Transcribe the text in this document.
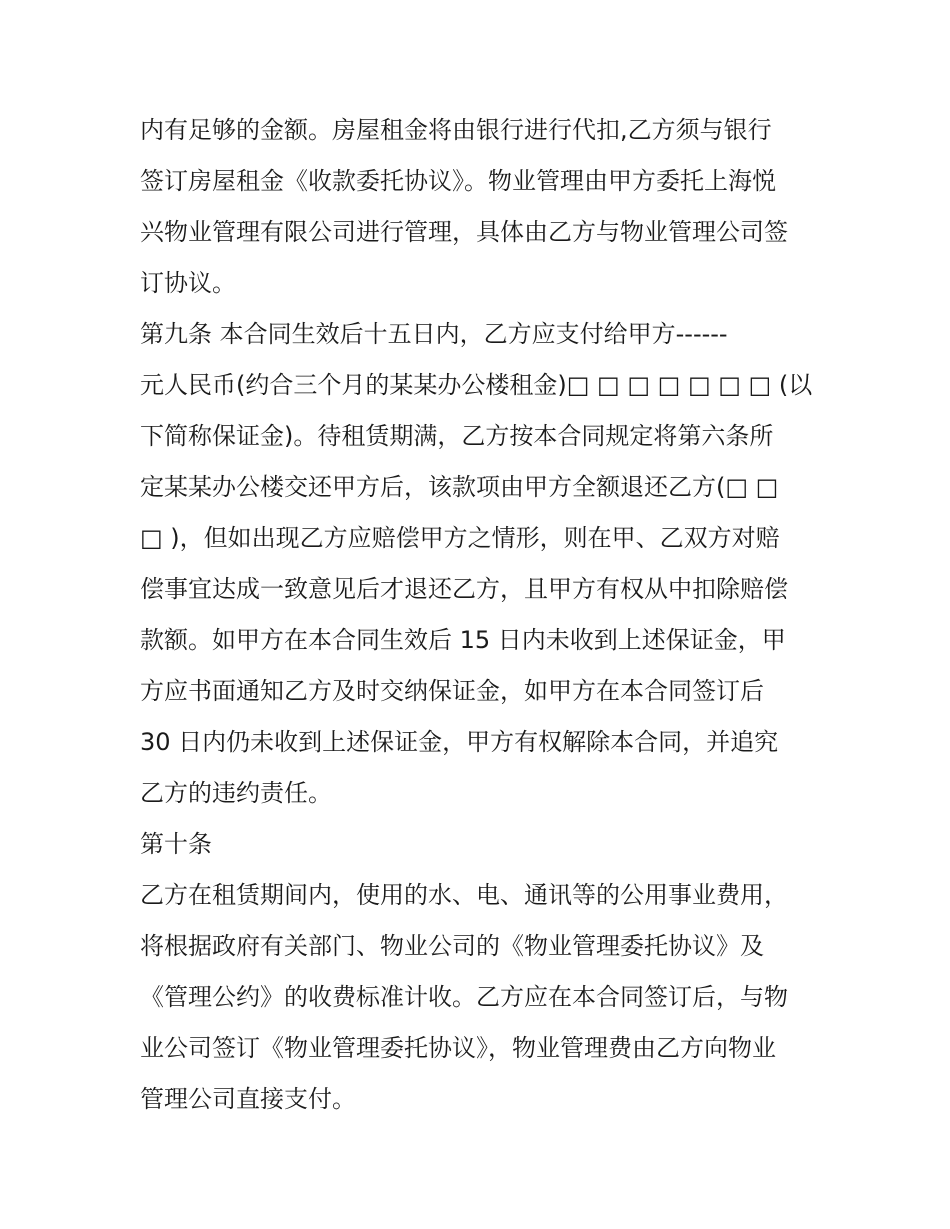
内有足够的金额。房屋租金将由银行进行代扣,乙方须与银行
签订房屋租金《收款委托协议》。物业管理由甲方委托上海悦
兴物业管理有限公司进行管理，具体由乙方与物业管理公司签
订协议。
第九条 本合同生效后十五日内，乙方应支付给甲方------
元人民币(约合三个月的某某办公楼租金)□ □ □ □ □ □ □ (以
下简称保证金)。待租赁期满，乙方按本合同规定将第六条所
定某某办公楼交还甲方后，该款项由甲方全额退还乙方(□ □
□ )，但如出现乙方应赔偿甲方之情形，则在甲、乙双方对赔
偿事宜达成一致意见后才退还乙方，且甲方有权从中扣除赔偿
款额。如甲方在本合同生效后 15 日内未收到上述保证金，甲
方应书面通知乙方及时交纳保证金，如甲方在本合同签订后
30 日内仍未收到上述保证金，甲方有权解除本合同，并追究
乙方的违约责任。
第十条
乙方在租赁期间内，使用的水、电、通讯等的公用事业费用，
将根据政府有关部门、物业公司的《物业管理委托协议》及
《管理公约》的收费标准计收。乙方应在本合同签订后，与物
业公司签订《物业管理委托协议》，物业管理费由乙方向物业
管理公司直接支付。
